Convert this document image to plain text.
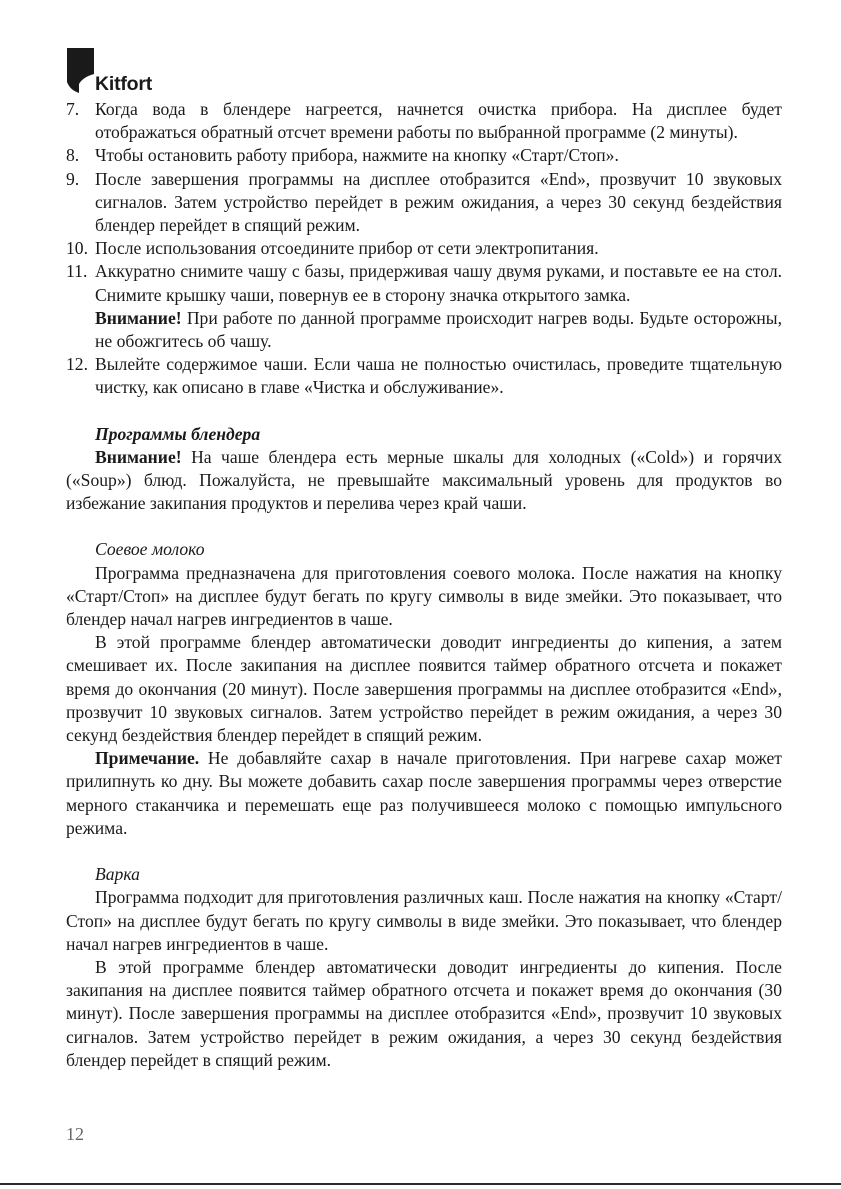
Kitfort
7. Когда вода в блендере нагреется, начнется очистка прибора. На дисплее будет отображаться обратный отсчет времени работы по выбранной программе (2 минуты).
8. Чтобы остановить работу прибора, нажмите на кнопку «Старт/Стоп».
9. После завершения программы на дисплее отобразится «End», прозвучит 10 звуковых сигналов. Затем устройство перейдет в режим ожидания, а через 30 секунд бездействия блендер перейдет в спящий режим.
10. После использования отсоедините прибор от сети электропитания.
11. Аккуратно снимите чашу с базы, придерживая чашу двумя руками, и поставьте ее на стол. Снимите крышку чаши, повернув ее в сторону значка открытого замка.
Внимание! При работе по данной программе происходит нагрев воды. Будьте осторожны, не обожгитесь об чашу.
12. Вылейте содержимое чаши. Если чаша не полностью очистилась, проведите тщательную чистку, как описано в главе «Чистка и обслуживание».

Программы блендера

Внимание! На чаше блендера есть мерные шкалы для холодных («Cold») и горячих («Soup») блюд. Пожалуйста, не превышайте максимальный уровень для продуктов во избежание закипания продуктов и перелива через край чаши.

Соевое молоко

Программа предназначена для приготовления соевого молока. После нажатия на кнопку «Старт/Стоп» на дисплее будут бегать по кругу символы в виде змейки. Это показывает, что блендер начал нагрев ингредиентов в чаше.

В этой программе блендер автоматически доводит ингредиенты до кипения, а затем смешивает их. После закипания на дисплее появится таймер обратного отсчета и покажет время до окончания (20 минут). После завершения программы на дисплее отобразится «End», прозвучит 10 звуковых сигналов. Затем устройство перейдет в режим ожидания, а через 30 секунд бездействия блендер перейдет в спящий режим.

Примечание. Не добавляйте сахар в начале приготовления. При нагреве сахар может прилипнуть ко дну. Вы можете добавить сахар после завершения программы через отверстие мерного стаканчика и перемешать еще раз получившееся молоко с помощью импульсного режима.

Варка

Программа подходит для приготовления различных каш. После нажатия на кнопку «Старт/Стоп» на дисплее будут бегать по кругу символы в виде змейки. Это показывает, что блендер начал нагрев ингредиентов в чаше.

В этой программе блендер автоматически доводит ингредиенты до кипения. После закипания на дисплее появится таймер обратного отсчета и покажет время до окончания (30 минут). После завершения программы на дисплее отобразится «End», прозвучит 10 звуковых сигналов. Затем устройство перейдет в режим ожидания, а через 30 секунд бездействия блендер перейдет в спящий режим.

12
